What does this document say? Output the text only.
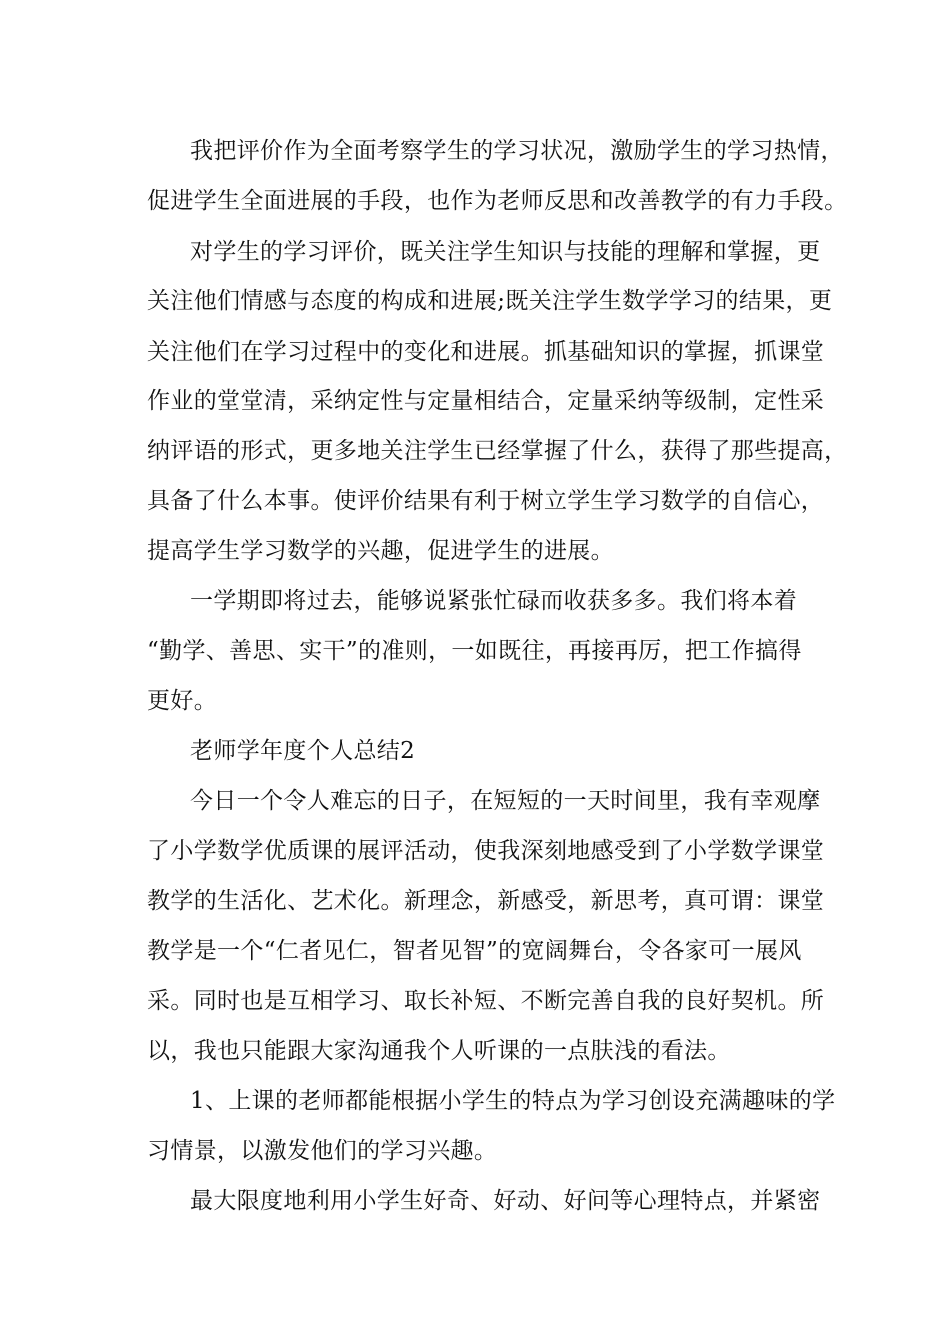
我把评价作为全面考察学生的学习状况，激励学生的学习热情，
促进学生全面进展的手段，也作为老师反思和改善教学的有力手段。
对学生的学习评价，既关注学生知识与技能的理解和掌握，更
关注他们情感与态度的构成和进展;既关注学生数学学习的结果，更
关注他们在学习过程中的变化和进展。抓基础知识的掌握，抓课堂
作业的堂堂清，采纳定性与定量相结合，定量采纳等级制，定性采
纳评语的形式，更多地关注学生已经掌握了什么，获得了那些提高，
具备了什么本事。使评价结果有利于树立学生学习数学的自信心，
提高学生学习数学的兴趣，促进学生的进展。
一学期即将过去，能够说紧张忙碌而收获多多。我们将本着
“勤学、善思、实干”的准则，一如既往，再接再厉，把工作搞得
更好。
老师学年度个人总结2
今日一个令人难忘的日子，在短短的一天时间里，我有幸观摩
了小学数学优质课的展评活动，使我深刻地感受到了小学数学课堂
教学的生活化、艺术化。新理念，新感受，新思考，真可谓：课堂
教学是一个“仁者见仁，智者见智”的宽阔舞台，令各家可一展风
采。同时也是互相学习、取长补短、不断完善自我的良好契机。所
以，我也只能跟大家沟通我个人听课的一点肤浅的看法。
1、上课的老师都能根据小学生的特点为学习创设充满趣味的学
习情景，以激发他们的学习兴趣。
最大限度地利用小学生好奇、好动、好问等心理特点，并紧密
